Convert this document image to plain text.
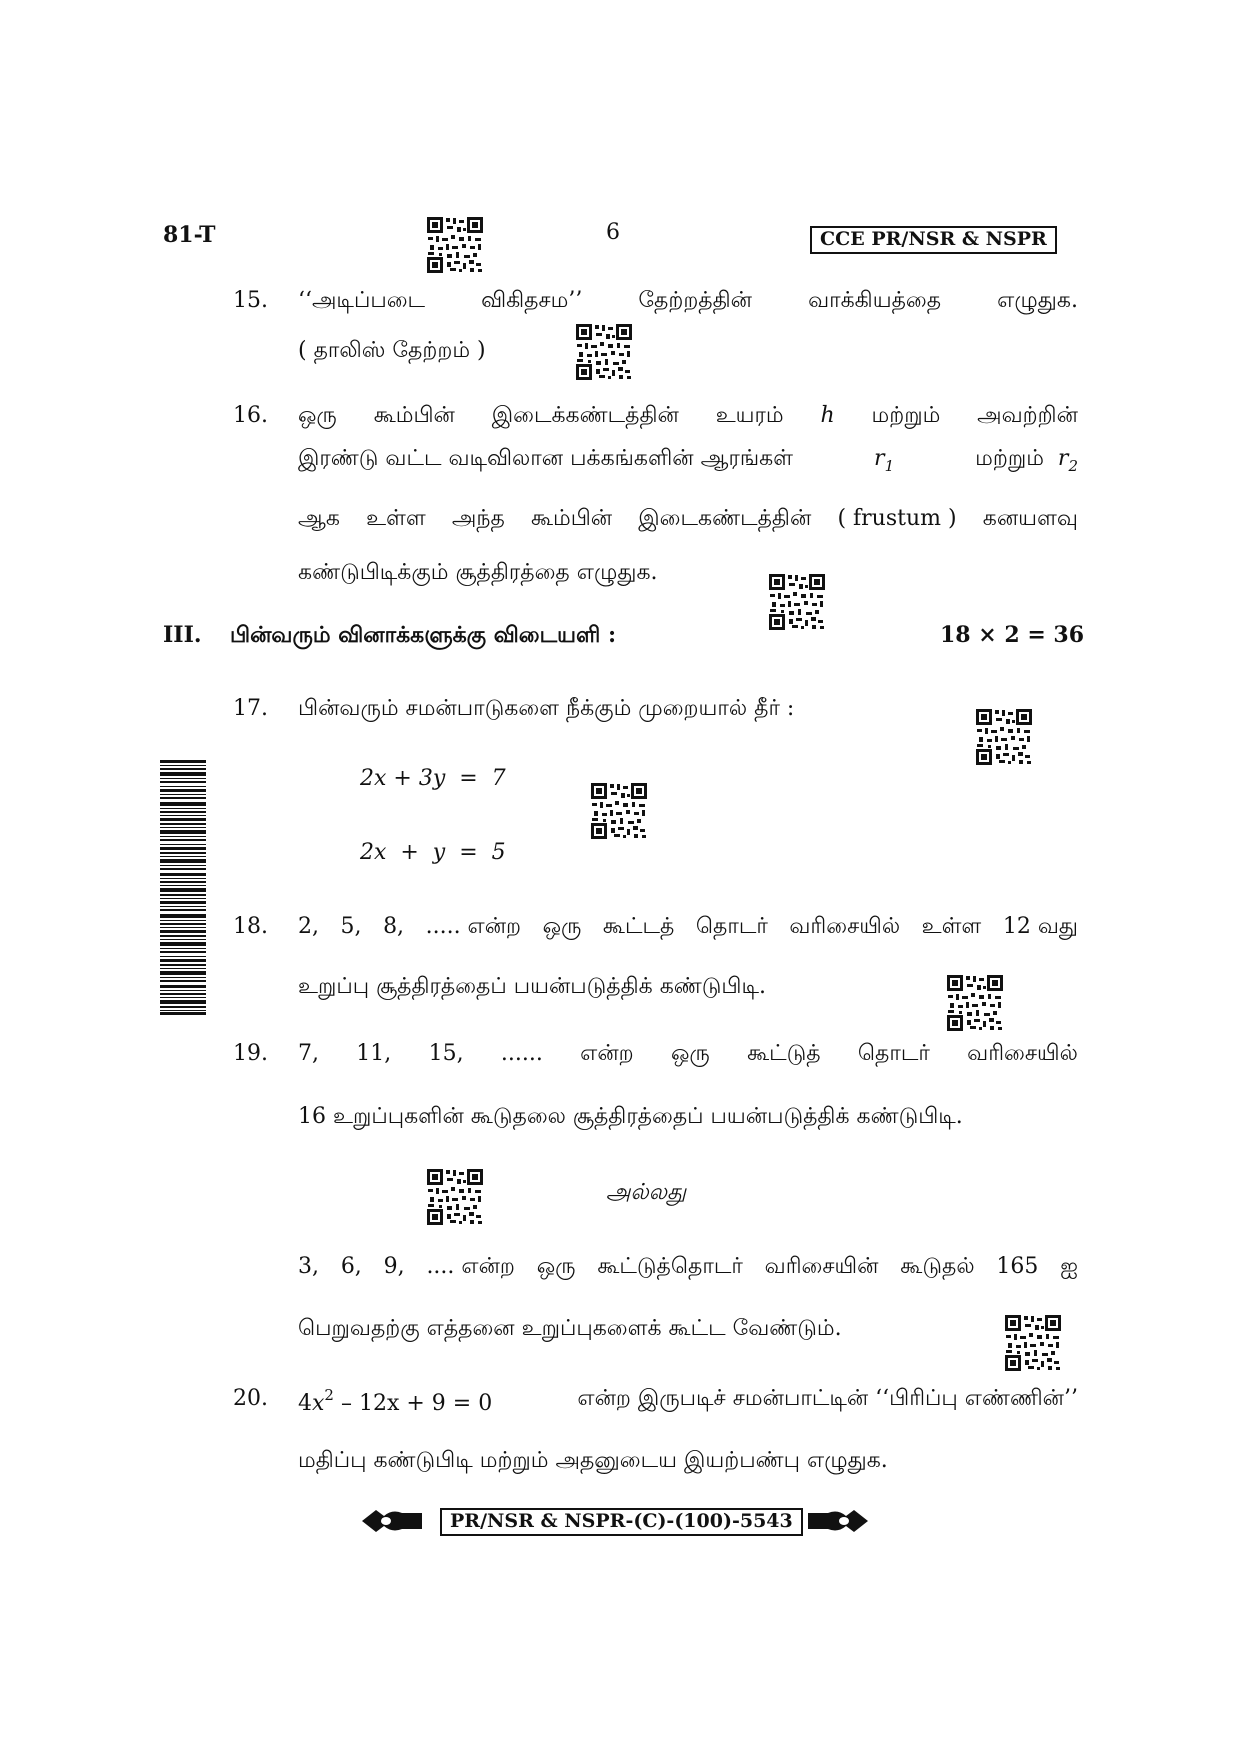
81-T	6	CCE PR/NSR & NSPR
15. ‘‘அடிப்படை	விகிதசம’’	தேற்றத்தின்	வாக்கியத்தை	எழுதுக.
( தாலிஸ் தேற்றம் )
16. ஒரு கூம்பின் இடைக்கண்டத்தின் உயரம் h மற்றும் அவற்றின்
இரண்டு வட்ட வடிவிலான பக்கங்களின் ஆரங்கள்	$r_1$	மற்றும் $r_2$
ஆக உள்ள அந்த கூம்பின் இடைகண்டத்தின் ( frustum ) கனயளவு
கண்டுபிடிக்கும் சூத்திரத்தை எழுதுக.
III. பின்வரும் வினாக்களுக்கு விடையளி :	18 × 2 = 36
17. பின்வரும் சமன்பாடுகளை நீக்கும் முறையால் தீர் :
2x + 3y  =  7
2x  +  y  =  5
18. 2, 5, 8, ..... என்ற ஒரு கூட்டத் தொடர் வரிசையில் உள்ள 12 வது
உறுப்பு சூத்திரத்தைப் பயன்படுத்திக் கண்டுபிடி.
19. 7, 11, 15, ...... என்ற ஒரு கூட்டுத் தொடர் வரிசையில்
16 உறுப்புகளின் கூடுதலை சூத்திரத்தைப் பயன்படுத்திக் கண்டுபிடி.
அல்லது
3, 6, 9, .... என்ற ஒரு கூட்டுத்தொடர் வரிசையின் கூடுதல் 165 ஐ
பெறுவதற்கு எத்தனை உறுப்புகளைக் கூட்ட வேண்டும்.
20. $4x^2 - 12x + 9 = 0$	என்ற இருபடிச் சமன்பாட்டின் ‘‘பிரிப்பு எண்ணின்’’
மதிப்பு கண்டுபிடி மற்றும் அதனுடைய இயற்பண்பு எழுதுக.
PR/NSR & NSPR-(C)-(100)-5543
